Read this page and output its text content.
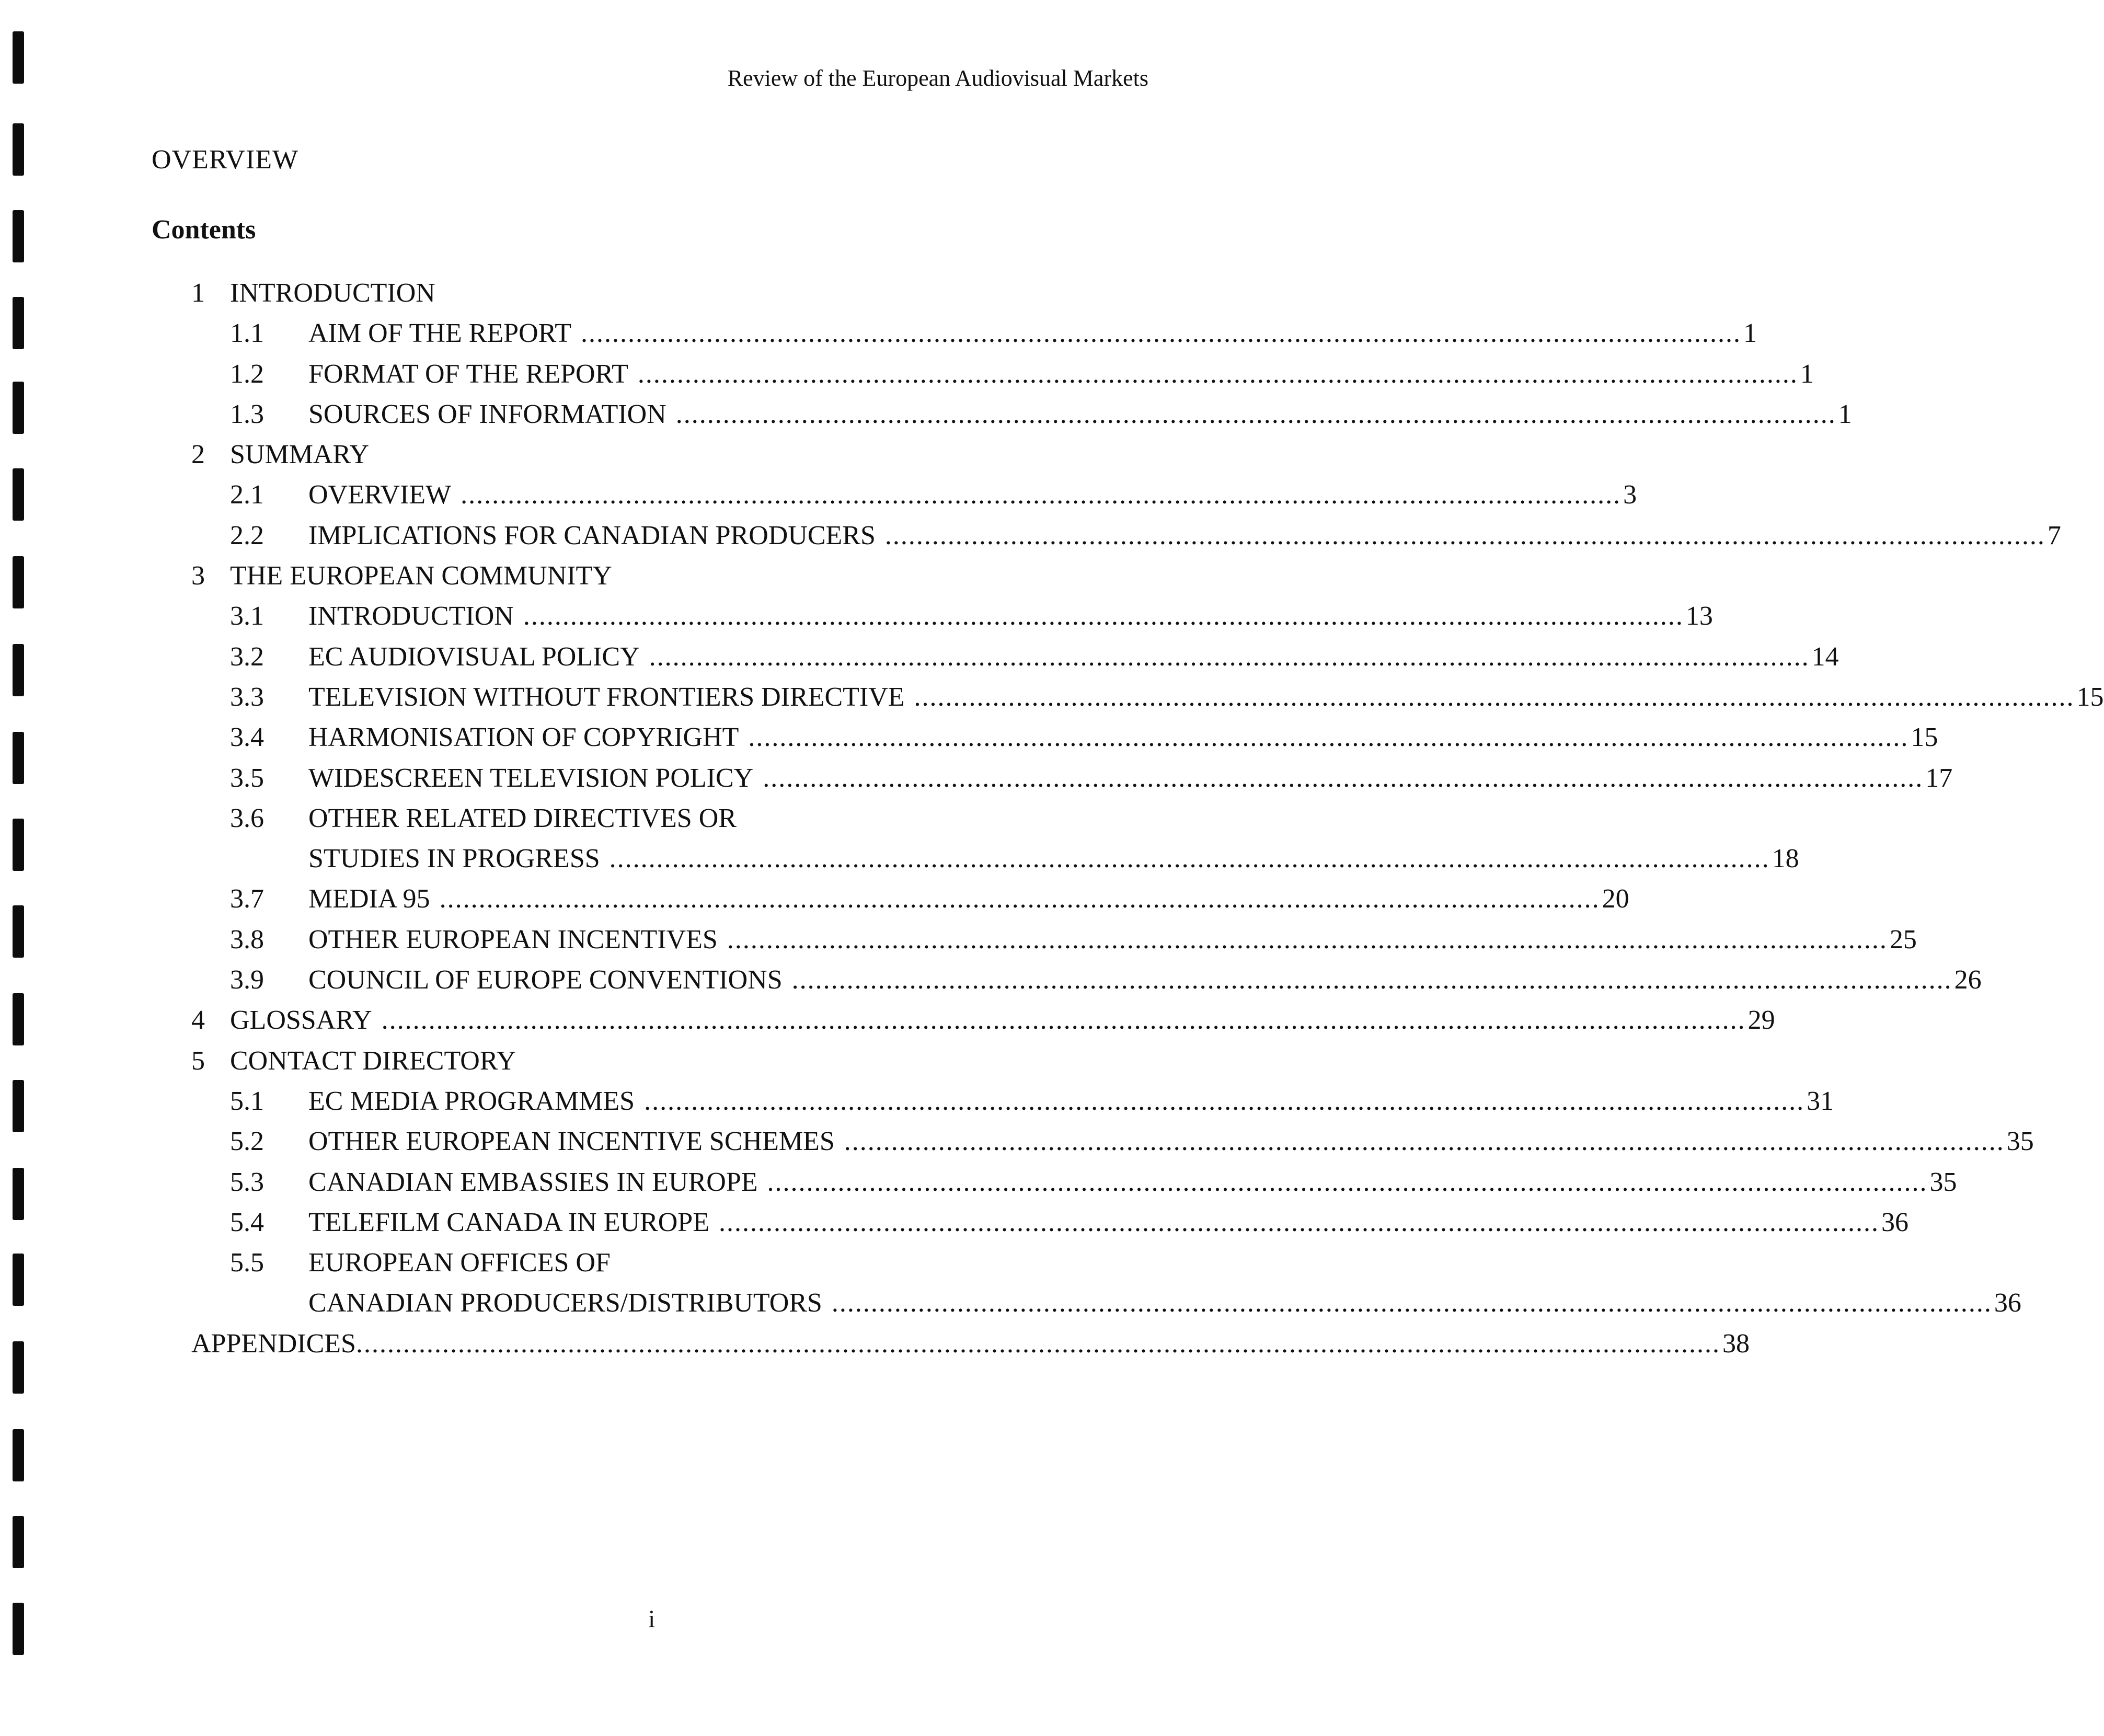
Review of the European Audiovisual Markets
OVERVIEW
Contents
1 INTRODUCTION
1.1	AIM OF THE REPORT .................................................................................................................................................... 1
1.2	FORMAT OF THE REPORT .................................................................................................................................................... 1
1.3	SOURCES OF INFORMATION .................................................................................................................................................... 1
2 SUMMARY
2.1	OVERVIEW .................................................................................................................................................... 3
2.2	IMPLICATIONS FOR CANADIAN PRODUCERS .................................................................................................................................................... 7
3 THE EUROPEAN COMMUNITY
3.1	INTRODUCTION .................................................................................................................................................... 13
3.2	EC AUDIOVISUAL POLICY .................................................................................................................................................... 14
3.3	TELEVISION WITHOUT FRONTIERS DIRECTIVE .................................................................................................................................................... 15
3.4	HARMONISATION OF COPYRIGHT .................................................................................................................................................... 15
3.5	WIDESCREEN TELEVISION POLICY .................................................................................................................................................... 17
3.6	OTHER RELATED DIRECTIVES OR
STUDIES IN PROGRESS .................................................................................................................................................... 18
3.7	MEDIA 95 .................................................................................................................................................... 20
3.8	OTHER EUROPEAN INCENTIVES .................................................................................................................................................... 25
3.9	COUNCIL OF EUROPE CONVENTIONS .................................................................................................................................................... 26
4 GLOSSARY .............................................................................................................................................................................. 29
5 CONTACT DIRECTORY
5.1	EC MEDIA PROGRAMMES .................................................................................................................................................... 31
5.2	OTHER EUROPEAN INCENTIVE SCHEMES .................................................................................................................................................... 35
5.3	CANADIAN EMBASSIES IN EUROPE .................................................................................................................................................... 35
5.4	TELEFILM CANADA IN EUROPE .................................................................................................................................................... 36
5.5	EUROPEAN OFFICES OF
CANADIAN PRODUCERS/DISTRIBUTORS .................................................................................................................................................... 36
APPENDICES .............................................................................................................................................................................. 38
i
